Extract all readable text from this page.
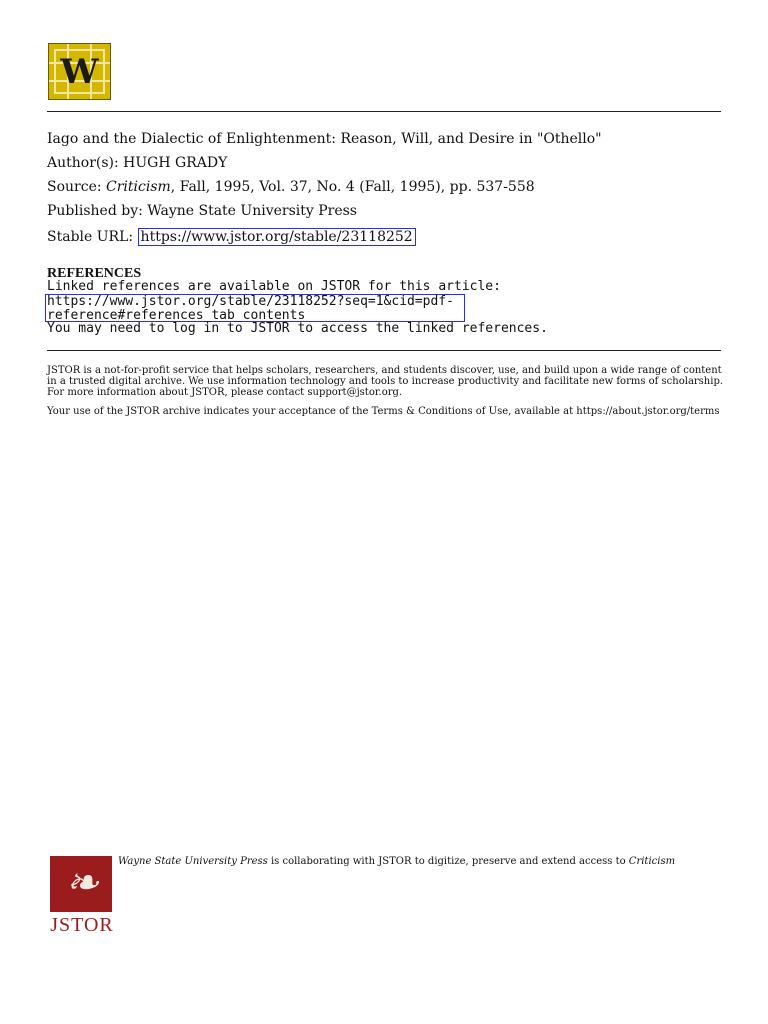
W
Iago and the Dialectic of Enlightenment: Reason, Will, and Desire in "Othello"
Author(s): HUGH GRADY
Source: Criticism, Fall, 1995, Vol. 37, No. 4 (Fall, 1995), pp. 537-558
Published by: Wayne State University Press
Stable URL: https://www.jstor.org/stable/23118252
REFERENCES
Linked references are available on JSTOR for this article:
https://www.jstor.org/stable/23118252?seq=1&cid=pdf-
reference#references_tab_contents
You may need to log in to JSTOR to access the linked references.
JSTOR is a not-for-profit service that helps scholars, researchers, and students discover, use, and build upon a wide range of content in a trusted digital archive. We use information technology and tools to increase productivity and facilitate new forms of scholarship. For more information about JSTOR, please contact support@jstor.org.
Your use of the JSTOR archive indicates your acceptance of the Terms & Conditions of Use, available at https://about.jstor.org/terms
❧
JSTOR
Wayne State University Press is collaborating with JSTOR to digitize, preserve and extend access to Criticism
